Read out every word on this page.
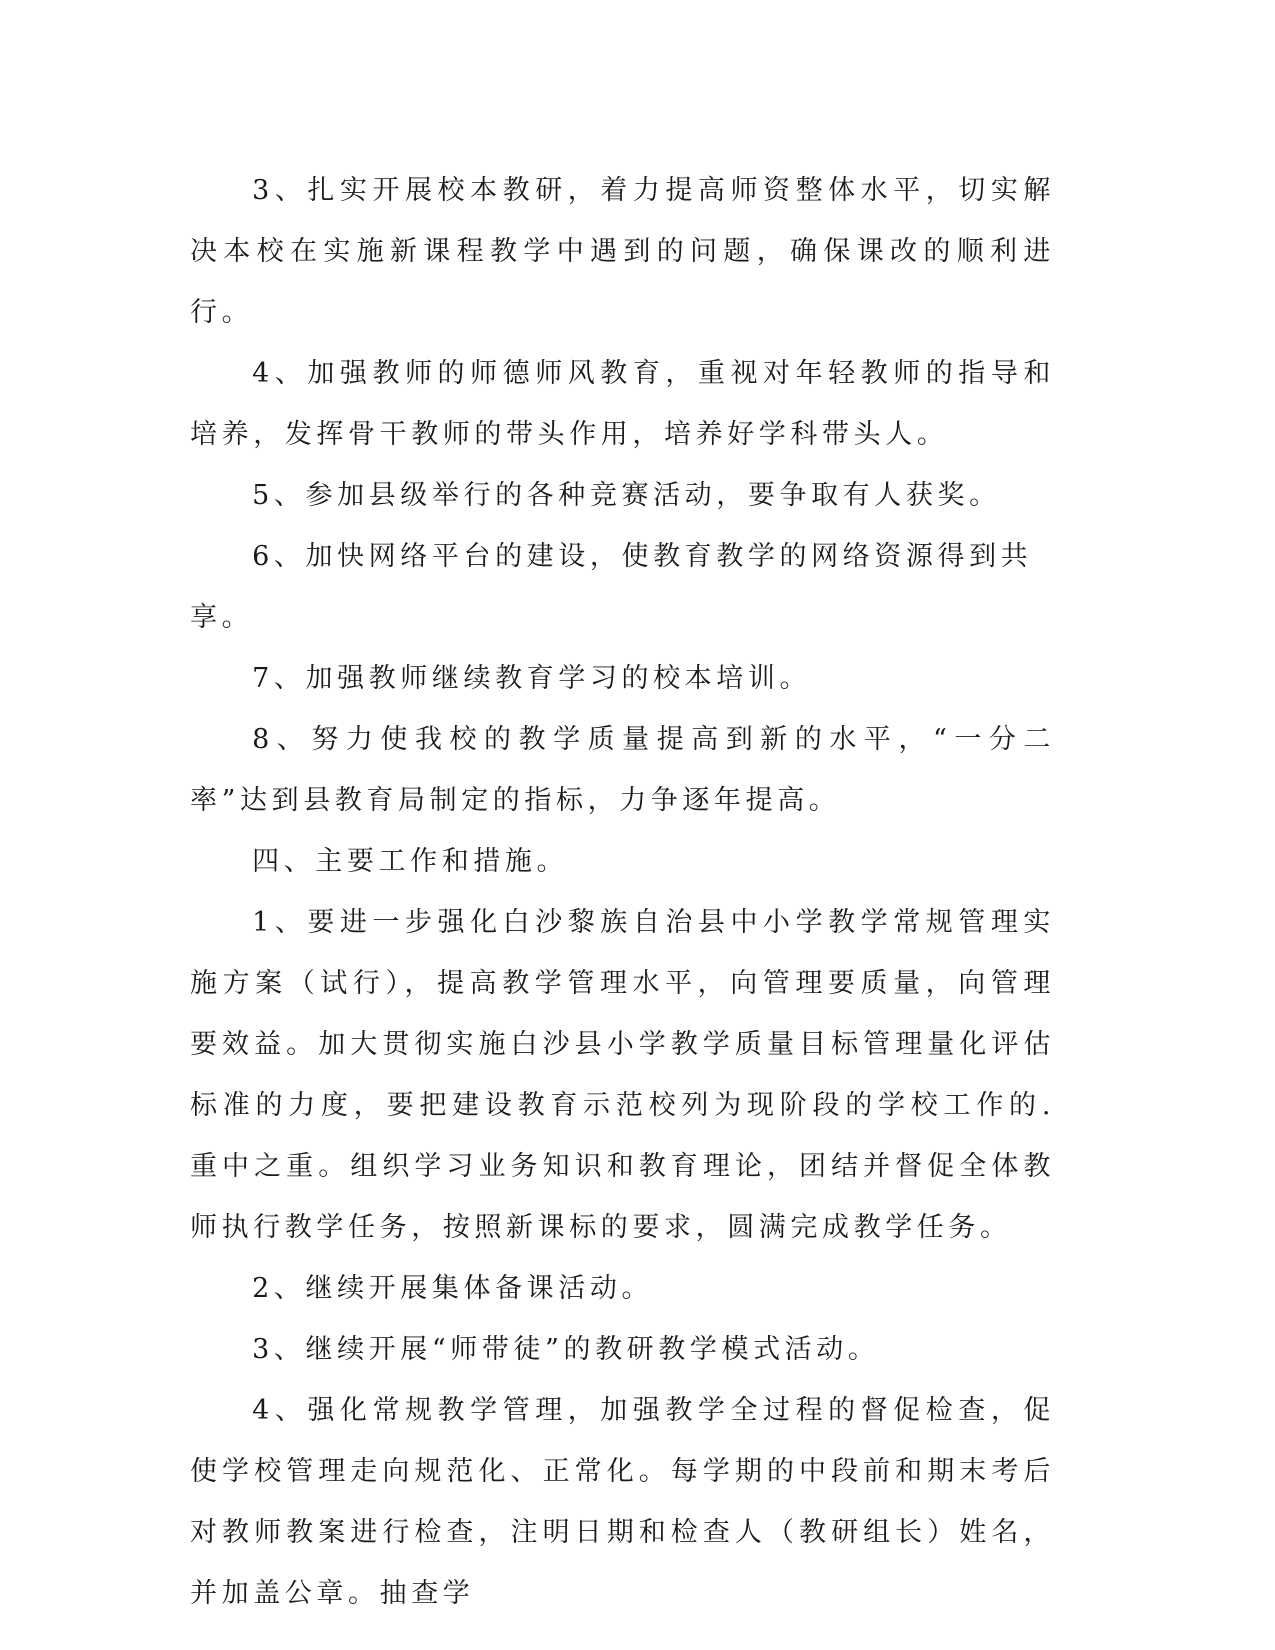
3、扎实开展校本教研，着力提高师资整体水平，切实解决本校在实施新课程教学中遇到的问题，确保课改的顺利进行。

4、加强教师的师德师风教育，重视对年轻教师的指导和培养，发挥骨干教师的带头作用，培养好学科带头人。

5、参加县级举行的各种竞赛活动，要争取有人获奖。

6、加快网络平台的建设，使教育教学的网络资源得到共享。

7、加强教师继续教育学习的校本培训。

8、努力使我校的教学质量提高到新的水平，“一分二率”达到县教育局制定的指标，力争逐年提高。

四、主要工作和措施。

1、要进一步强化白沙黎族自治县中小学教学常规管理实施方案（试行），提高教学管理水平，向管理要质量，向管理要效益。加大贯彻实施白沙县小学教学质量目标管理量化评估标准的力度，要把建设教育示范校列为现阶段的学校工作的.重中之重。组织学习业务知识和教育理论，团结并督促全体教师执行教学任务，按照新课标的要求，圆满完成教学任务。

2、继续开展集体备课活动。

3、继续开展“师带徒”的教研教学模式活动。

4、强化常规教学管理，加强教学全过程的督促检查，促使学校管理走向规范化、正常化。每学期的中段前和期末考后对教师教案进行检查，注明日期和检查人（教研组长）姓名，并加盖公章。抽查学
